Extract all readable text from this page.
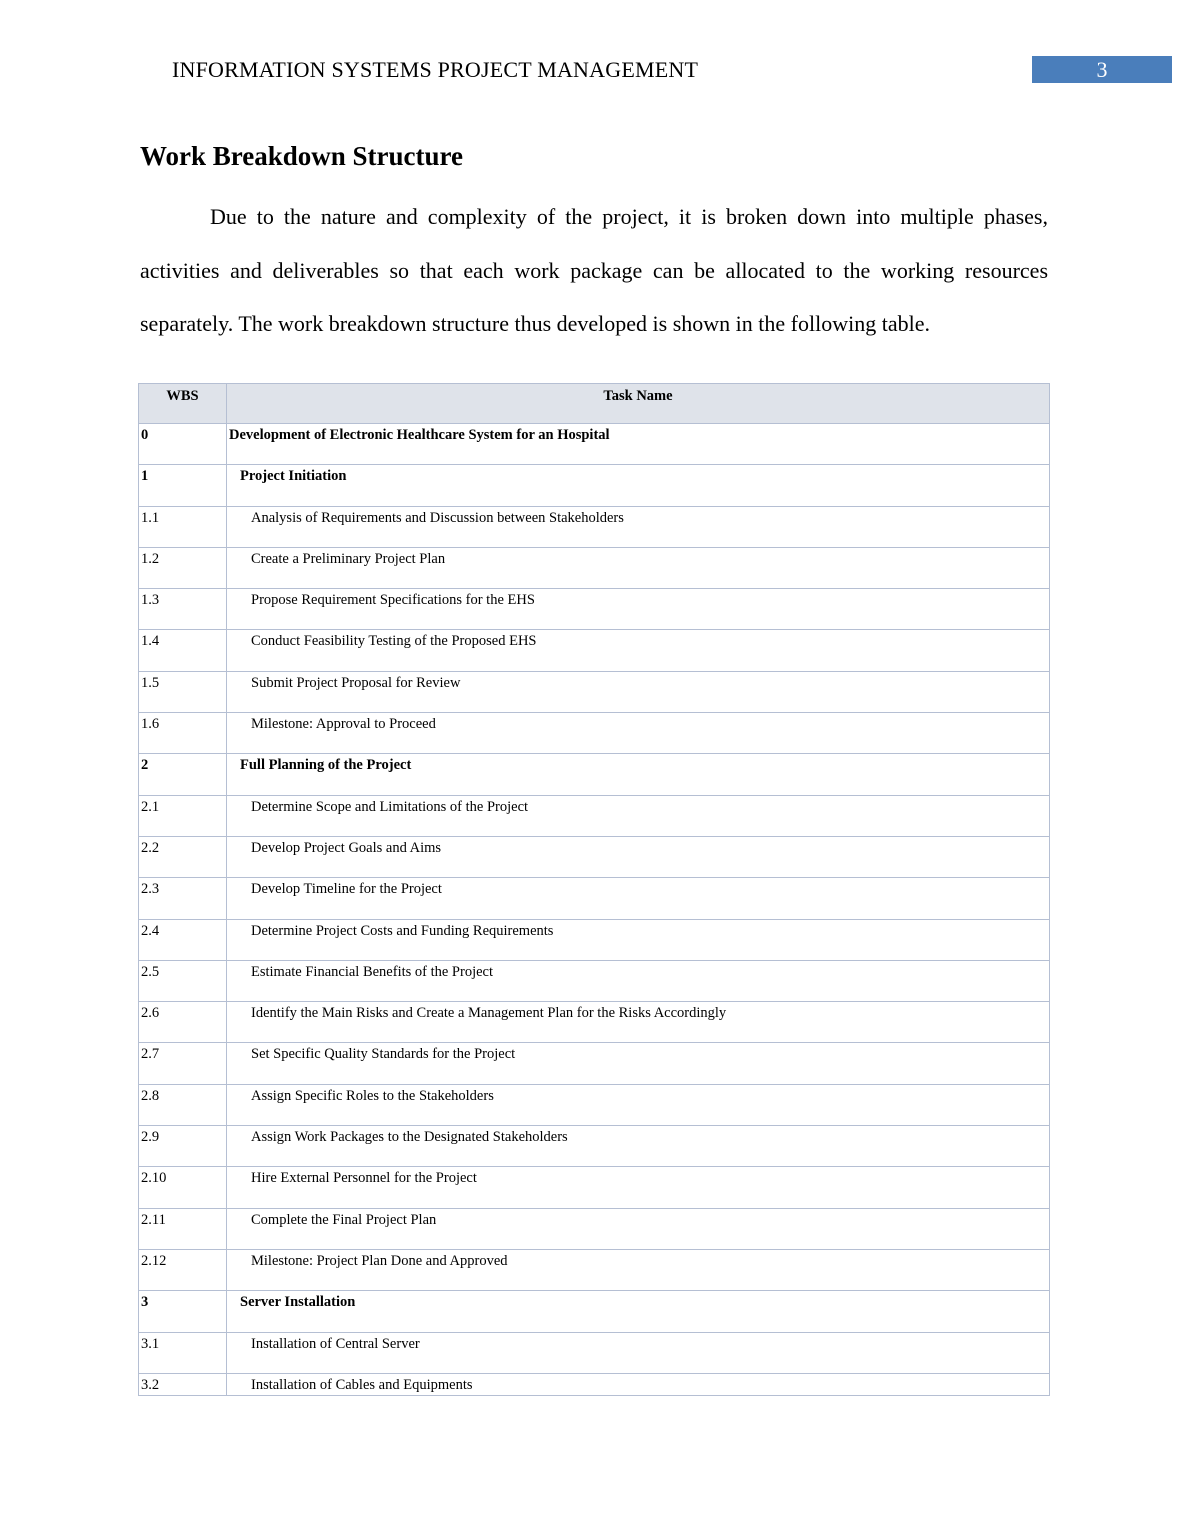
INFORMATION SYSTEMS PROJECT MANAGEMENT	3
Work Breakdown Structure

Due to the nature and complexity of the project, it is broken down into multiple phases, activities and deliverables so that each work package can be allocated to the working resources separately. The work breakdown structure thus developed is shown in the following table.

WBS	Task Name
0	Development of Electronic Healthcare System for an Hospital
1	Project Initiation
1.1	Analysis of Requirements and Discussion between Stakeholders
1.2	Create a Preliminary Project Plan
1.3	Propose Requirement Specifications for the EHS
1.4	Conduct Feasibility Testing of the Proposed EHS
1.5	Submit Project Proposal for Review
1.6	Milestone: Approval to Proceed
2	Full Planning of the Project
2.1	Determine Scope and Limitations of the Project
2.2	Develop Project Goals and Aims
2.3	Develop Timeline for the Project
2.4	Determine Project Costs and Funding Requirements
2.5	Estimate Financial Benefits of the Project
2.6	Identify the Main Risks and Create a Management Plan for the Risks Accordingly
2.7	Set Specific Quality Standards for the Project
2.8	Assign Specific Roles to the Stakeholders
2.9	Assign Work Packages to the Designated Stakeholders
2.10	Hire External Personnel for the Project
2.11	Complete the Final Project Plan
2.12	Milestone: Project Plan Done and Approved
3	Server Installation
3.1	Installation of Central Server
3.2	Installation of Cables and Equipments
